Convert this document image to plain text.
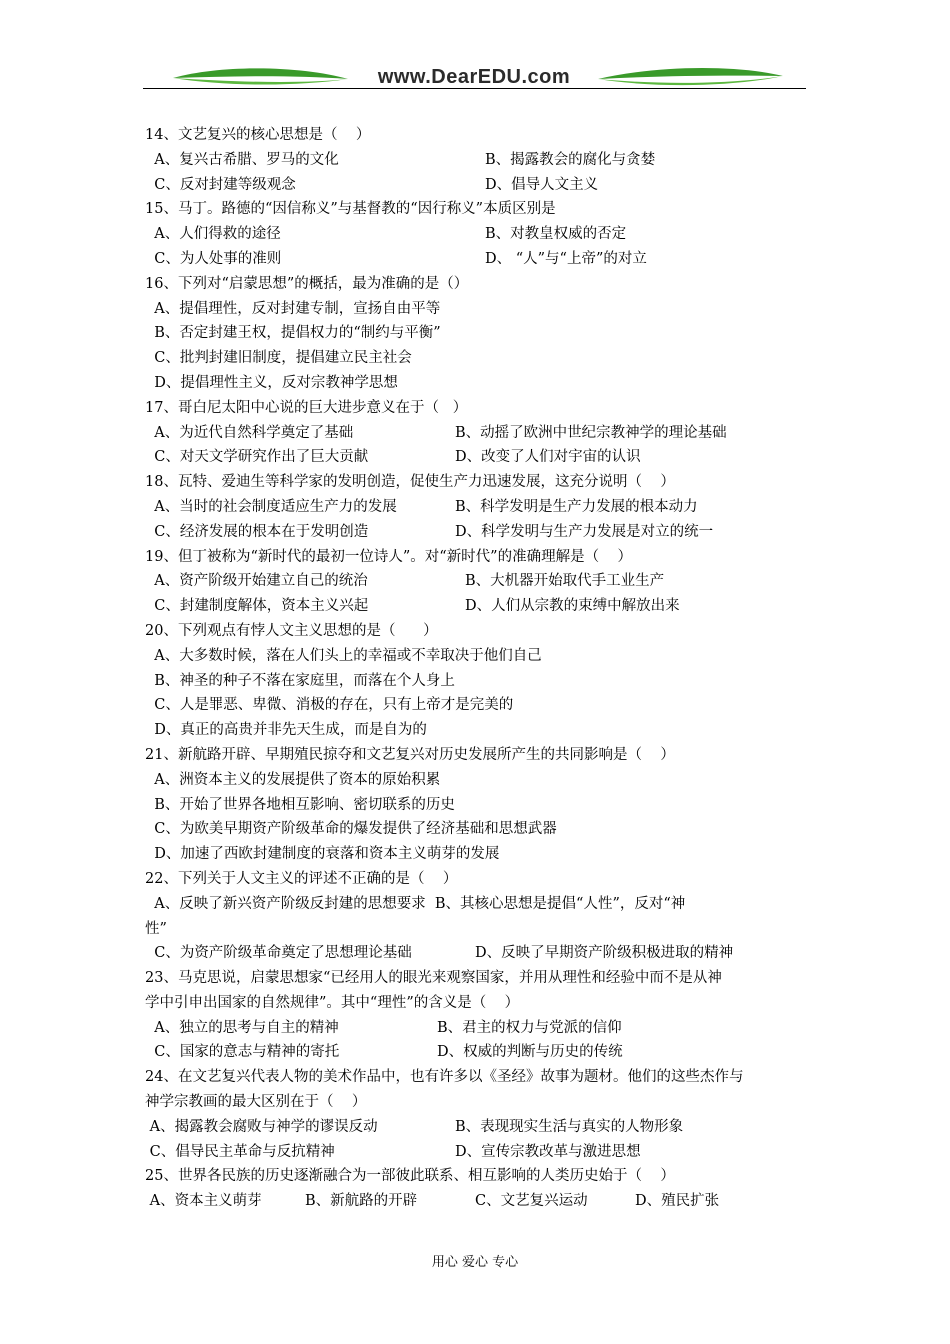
www.DearEDU.com
14、文艺复兴的核心思想是（    ）
A、复兴古希腊、罗马的文化	B、揭露教会的腐化与贪婪
C、反对封建等级观念	D、倡导人文主义
15、马丁。路德的“因信称义”与基督教的“因行称义”本质区别是
A、人们得救的途径	B、对教皇权威的否定
C、为人处事的准则	D、 “人”与“上帝”的对立
16、下列对“启蒙思想”的概括，最为准确的是（）
A、提倡理性，反对封建专制，宣扬自由平等
B、否定封建王权，提倡权力的“制约与平衡”
C、批判封建旧制度，提倡建立民主社会
D、提倡理性主义，反对宗教神学思想
17、哥白尼太阳中心说的巨大进步意义在于（   ）
A、为近代自然科学奠定了基础	B、动摇了欧洲中世纪宗教神学的理论基础
C、对天文学研究作出了巨大贡献	D、改变了人们对宇宙的认识
18、瓦特、爱迪生等科学家的发明创造，促使生产力迅速发展，这充分说明（    ）
A、当时的社会制度适应生产力的发展	B、科学发明是生产力发展的根本动力
C、经济发展的根本在于发明创造	D、科学发明与生产力发展是对立的统一
19、但丁被称为“新时代的最初一位诗人”。对“新时代”的准确理解是（    ）
A、资产阶级开始建立自己的统治	B、大机器开始取代手工业生产
C、封建制度解体，资本主义兴起	D、人们从宗教的束缚中解放出来
20、下列观点有悖人文主义思想的是（      ）
A、大多数时候，落在人们头上的幸福或不幸取决于他们自己
B、神圣的种子不落在家庭里，而落在个人身上
C、人是罪恶、卑微、消极的存在，只有上帝才是完美的
D、真正的高贵并非先天生成，而是自为的
21、新航路开辟、早期殖民掠夺和文艺复兴对历史发展所产生的共同影响是（    ）
A、洲资本主义的发展提供了资本的原始积累
B、开始了世界各地相互影响、密切联系的历史
C、为欧美早期资产阶级革命的爆发提供了经济基础和思想武器
D、加速了西欧封建制度的衰落和资本主义萌芽的发展
22、下列关于人文主义的评述不正确的是（    ）
A、反映了新兴资产阶级反封建的思想要求  B、其核心思想是提倡“人性”，反对“神
性”
C、为资产阶级革命奠定了思想理论基础	D、反映了早期资产阶级积极进取的精神
23、马克思说，启蒙思想家“已经用人的眼光来观察国家，并用从理性和经验中而不是从神
学中引申出国家的自然规律”。其中“理性”的含义是（    ）
A、独立的思考与自主的精神	B、君主的权力与党派的信仰
C、国家的意志与精神的寄托	D、权威的判断与历史的传统
24、在文艺复兴代表人物的美术作品中，也有许多以《圣经》故事为题材。他们的这些杰作与
神学宗教画的最大区别在于（    ）
A、揭露教会腐败与神学的谬误反动	B、表现现实生活与真实的人物形象
C、倡导民主革命与反抗精神	D、宣传宗教改革与激进思想
25、世界各民族的历史逐渐融合为一部彼此联系、相互影响的人类历史始于（    ）
A、资本主义萌芽	B、新航路的开辟	C、文艺复兴运动	D、殖民扩张
用心 爱心 专心
